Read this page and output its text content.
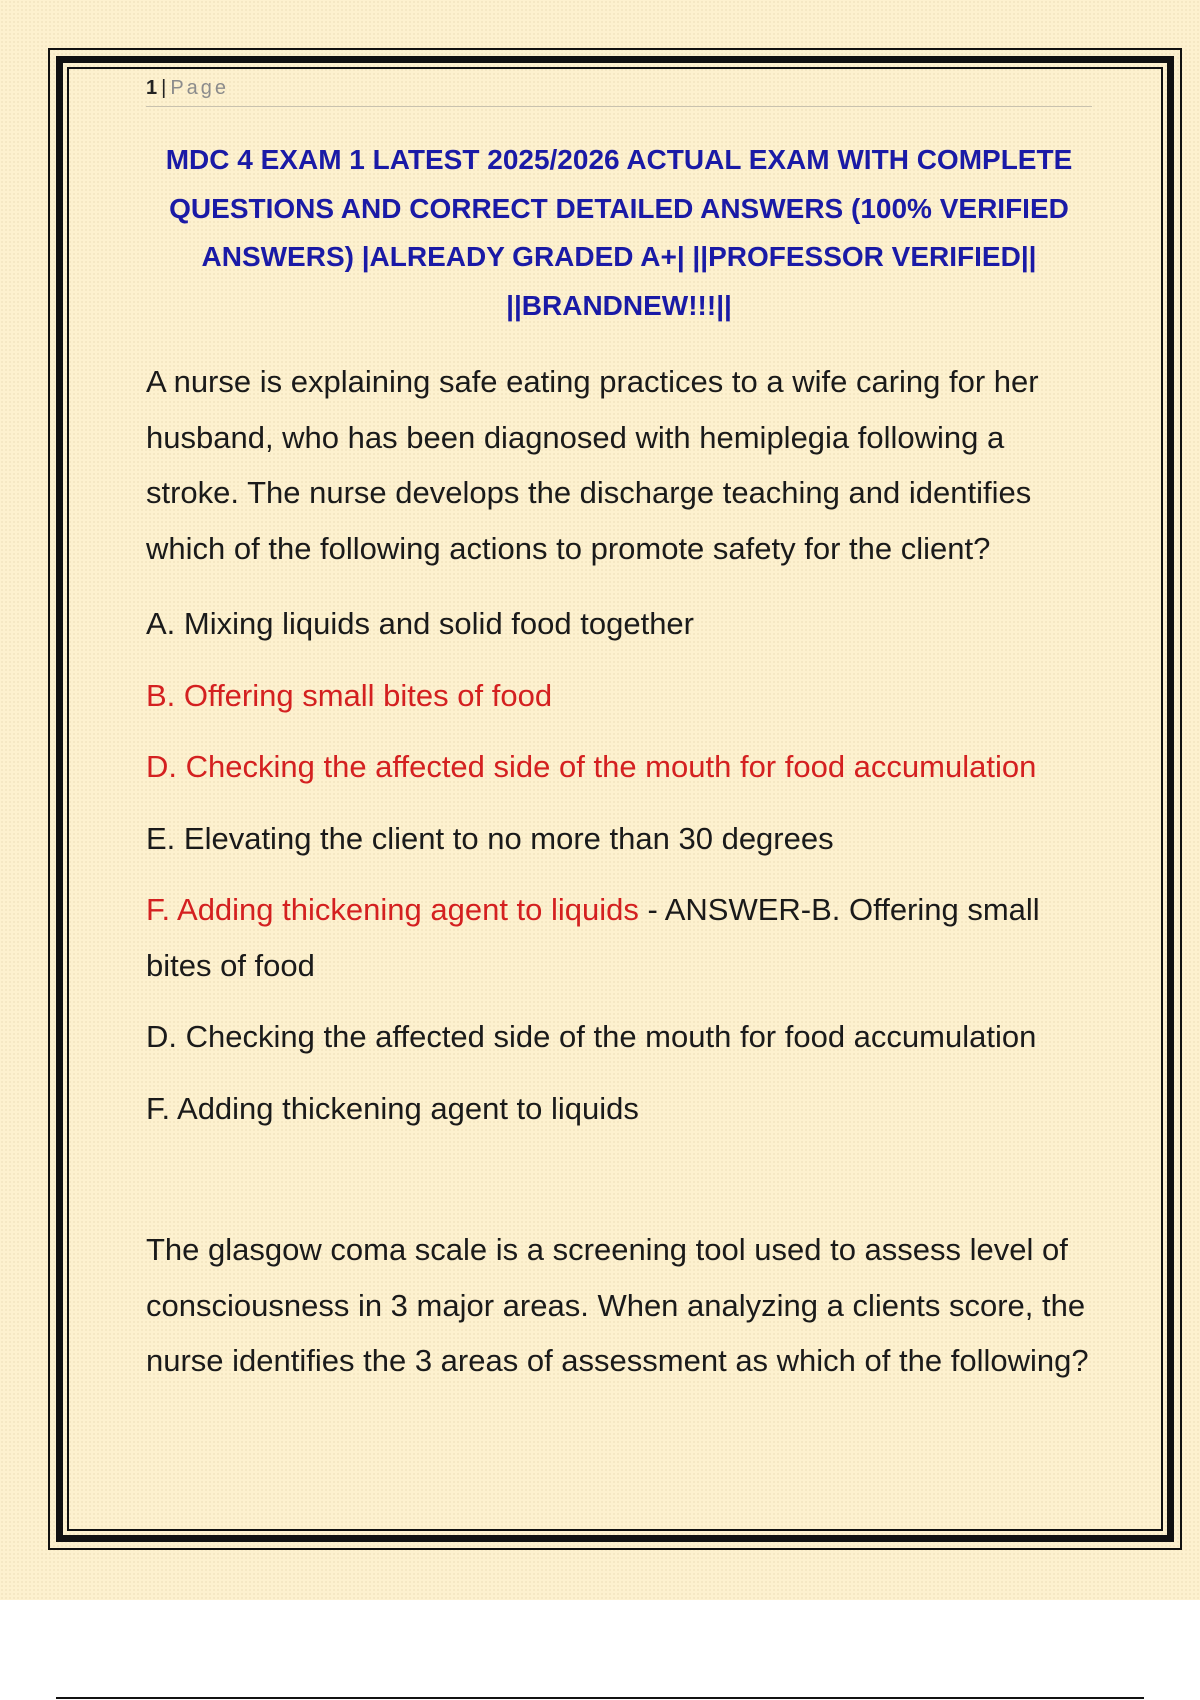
1 | Page

MDC 4 EXAM 1 LATEST 2025/2026 ACTUAL EXAM WITH COMPLETE QUESTIONS AND CORRECT DETAILED ANSWERS (100% VERIFIED ANSWERS) |ALREADY GRADED A+| ||PROFESSOR VERIFIED|| ||BRANDNEW!!!||

A nurse is explaining safe eating practices to a wife caring for her husband, who has been diagnosed with hemiplegia following a stroke. The nurse develops the discharge teaching and identifies which of the following actions to promote safety for the client?

A. Mixing liquids and solid food together

B. Offering small bites of food

D. Checking the affected side of the mouth for food accumulation

E. Elevating the client to no more than 30 degrees

F. Adding thickening agent to liquids - ANSWER-B. Offering small bites of food

D. Checking the affected side of the mouth for food accumulation

F. Adding thickening agent to liquids

The glasgow coma scale is a screening tool used to assess level of consciousness in 3 major areas. When analyzing a clients score, the nurse identifies the 3 areas of assessment as which of the following?
